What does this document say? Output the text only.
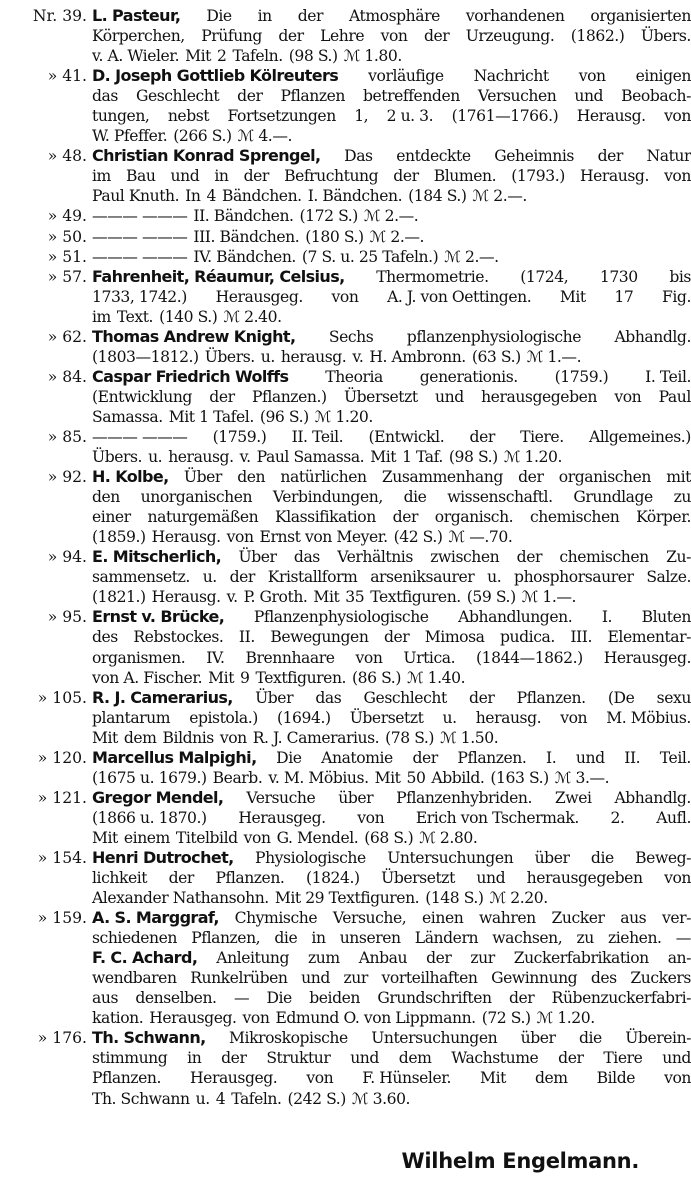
Nr. 39. L. Pasteur, Die in der Atmosphäre vorhandenen organisierten
Körperchen, Prüfung der Lehre von der Urzeugung. (1862.) Übers.
v. A. Wieler. Mit 2 Tafeln. (98 S.) ℳ 1.80.
» 41. D. Joseph Gottlieb Kölreuters vorläufige Nachricht von einigen
das Geschlecht der Pflanzen betreffenden Versuchen und Beobach-
tungen, nebst Fortsetzungen 1, 2 u. 3. (1761—1766.) Herausg. von
W. Pfeffer. (266 S.) ℳ 4.—.
» 48. Christian Konrad Sprengel, Das entdeckte Geheimnis der Natur
im Bau und in der Befruchtung der Blumen. (1793.) Herausg. von
Paul Knuth. In 4 Bändchen. I. Bändchen. (184 S.) ℳ 2.—.
» 49. ——— ——— II. Bändchen. (172 S.) ℳ 2.—.
» 50. ——— ——— III. Bändchen. (180 S.) ℳ 2.—.
» 51. ——— ——— IV. Bändchen. (7 S. u. 25 Tafeln.) ℳ 2.—.
» 57. Fahrenheit, Réaumur, Celsius, Thermometrie. (1724, 1730 bis
1733, 1742.) Herausgeg. von A. J. von Oettingen. Mit 17 Fig.
im Text. (140 S.) ℳ 2.40.
» 62. Thomas Andrew Knight, Sechs pflanzenphysiologische Abhandlg.
(1803—1812.) Übers. u. herausg. v. H. Ambronn. (63 S.) ℳ 1.—.
» 84. Caspar Friedrich Wolffs Theoria generationis. (1759.) I. Teil.
(Entwicklung der Pflanzen.) Übersetzt und herausgegeben von Paul
Samassa. Mit 1 Tafel. (96 S.) ℳ 1.20.
» 85. ——— ——— (1759.) II. Teil. (Entwickl. der Tiere. Allgemeines.)
Übers. u. herausg. v. Paul Samassa. Mit 1 Taf. (98 S.) ℳ 1.20.
» 92. H. Kolbe, Über den natürlichen Zusammenhang der organischen mit
den unorganischen Verbindungen, die wissenschaftl. Grundlage zu
einer naturgemäßen Klassifikation der organisch. chemischen Körper.
(1859.) Herausg. von Ernst von Meyer. (42 S.) ℳ —.70.
» 94. E. Mitscherlich, Über das Verhältnis zwischen der chemischen Zu-
sammensetz. u. der Kristallform arseniksaurer u. phosphorsaurer Salze.
(1821.) Herausg. v. P. Groth. Mit 35 Textfiguren. (59 S.) ℳ 1.—.
» 95. Ernst v. Brücke, Pflanzenphysiologische Abhandlungen. I. Bluten
des Rebstockes. II. Bewegungen der Mimosa pudica. III. Elementar-
organismen. IV. Brennhaare von Urtica. (1844—1862.) Herausgeg.
von A. Fischer. Mit 9 Textfiguren. (86 S.) ℳ 1.40.
» 105. R. J. Camerarius, Über das Geschlecht der Pflanzen. (De sexu
plantarum epistola.) (1694.) Übersetzt u. herausg. von M. Möbius.
Mit dem Bildnis von R. J. Camerarius. (78 S.) ℳ 1.50.
» 120. Marcellus Malpighi, Die Anatomie der Pflanzen. I. und II. Teil.
(1675 u. 1679.) Bearb. v. M. Möbius. Mit 50 Abbild. (163 S.) ℳ 3.—.
» 121. Gregor Mendel, Versuche über Pflanzenhybriden. Zwei Abhandlg.
(1866 u. 1870.) Herausgeg. von Erich von Tschermak. 2. Aufl.
Mit einem Titelbild von G. Mendel. (68 S.) ℳ 2.80.
» 154. Henri Dutrochet, Physiologische Untersuchungen über die Beweg-
lichkeit der Pflanzen. (1824.) Übersetzt und herausgegeben von
Alexander Nathansohn. Mit 29 Textfiguren. (148 S.) ℳ 2.20.
» 159. A. S. Marggraf, Chymische Versuche, einen wahren Zucker aus ver-
schiedenen Pflanzen, die in unseren Ländern wachsen, zu ziehen. —
F. C. Achard, Anleitung zum Anbau der zur Zuckerfabrikation an-
wendbaren Runkelrüben und zur vorteilhaften Gewinnung des Zuckers
aus denselben. — Die beiden Grundschriften der Rübenzuckerfabri-
kation. Herausgeg. von Edmund O. von Lippmann. (72 S.) ℳ 1.20.
» 176. Th. Schwann, Mikroskopische Untersuchungen über die Überein-
stimmung in der Struktur und dem Wachstume der Tiere und
Pflanzen. Herausgeg. von F. Hünseler. Mit dem Bilde von
Th. Schwann u. 4 Tafeln. (242 S.) ℳ 3.60.
Wilhelm Engelmann.
